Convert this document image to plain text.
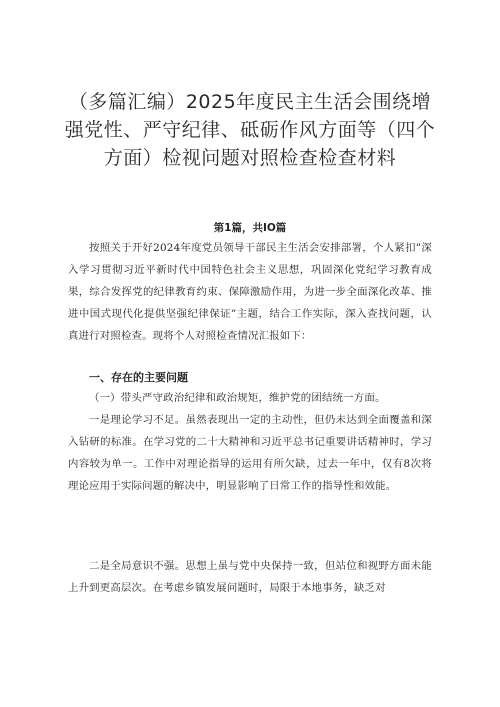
（多篇汇编）2025年度民主生活会围绕增强党性、严守纪律、砥砺作风方面等（四个方面）检视问题对照检查检查材料
第1篇，共IO篇

按照关于开好2024年度党员领导干部民主生活会安排部署，个人紧扣”深入学习贯彻习近平新时代中国特色社会主义思想，巩固深化党纪学习教育成果，综合发挥党的纪律教育约束、保障激励作用，为进一步全面深化改革、推进中国式现代化提供坚强纪律保证”主题，结合工作实际，深入查找问题，认真进行对照检查。现将个人对照检查情况汇报如下：

一、存在的主要问题

（一）带头严守政治纪律和政治规矩，维护党的团结统一方面。

一是理论学习不足。虽然表现出一定的主动性，但仍未达到全面覆盖和深入钻研的标准。在学习党的二十大精神和习近平总书记重要讲话精神时，学习内容较为单一。工作中对理论指导的运用有所欠缺，过去一年中，仅有8次将理论应用于实际问题的解决中，明显影响了日常工作的指导性和效能。

二是全局意识不强。思想上虽与党中央保持一致，但站位和视野方面未能上升到更高层次。在考虑乡镇发展问题时，局限于本地事务，缺乏对
